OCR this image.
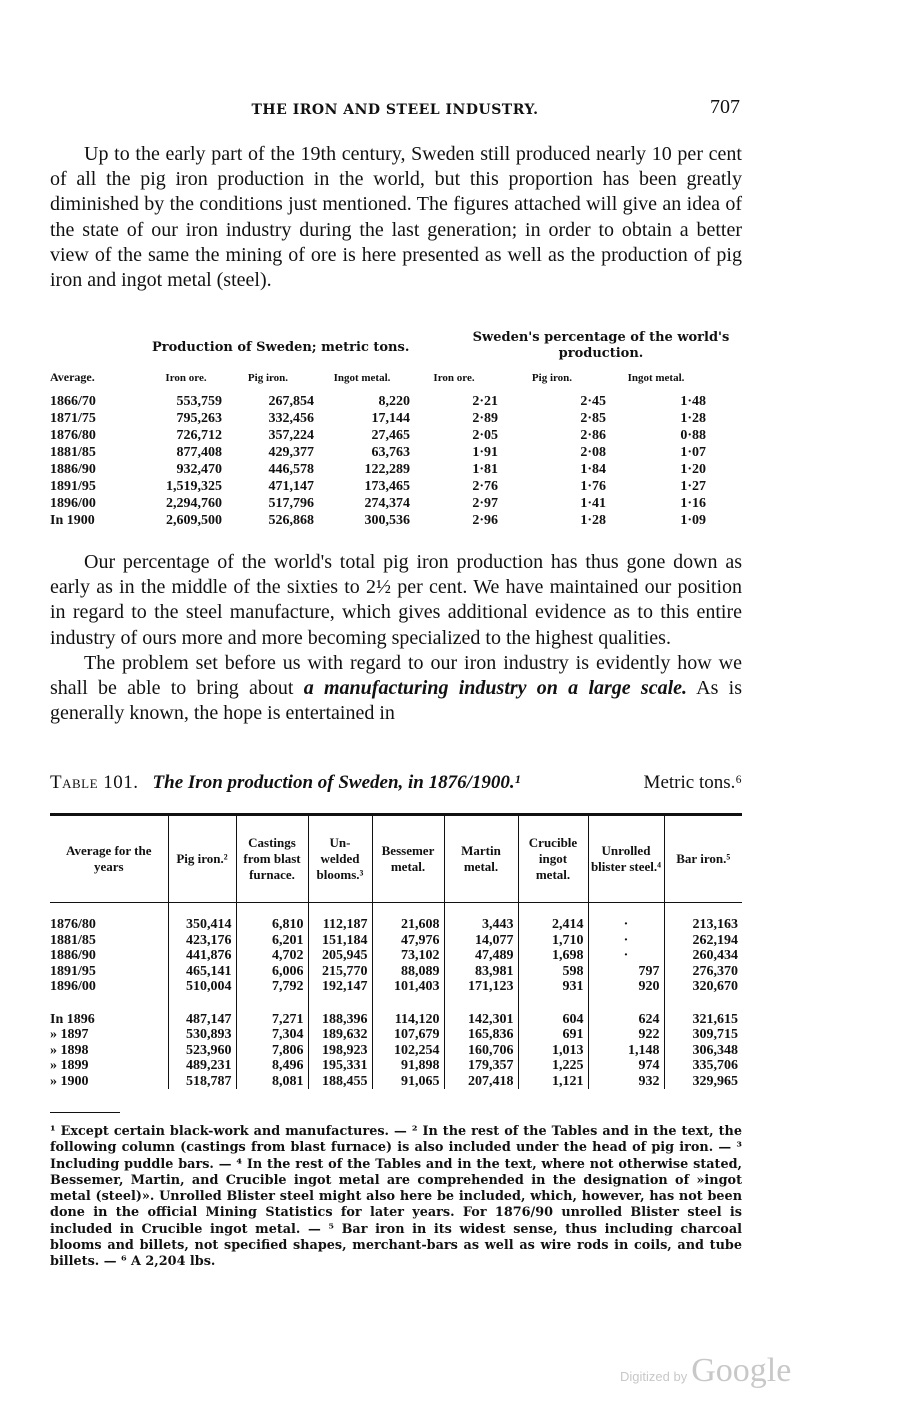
THE IRON AND STEEL INDUSTRY.	707

Up to the early part of the 19th century, Sweden still produced nearly 10 per cent of all the pig iron production in the world, but this proportion has been greatly diminished by the conditions just mentioned. The figures attached will give an idea of the state of our iron industry during the last generation; in order to obtain a better view of the same the mining of ore is here presented as well as the production of pig iron and ingot metal (steel).

Production of Sweden; metric tons.
Sweden's percentage of the world's production.
Average.	Iron ore.	Pig iron.	Ingot metal.	Iron ore.	Pig iron.	Ingot metal.
1866/70	553,759	267,854	8,220	2·21	2·45	1·48
1871/75	795,263	332,456	17,144	2·89	2·85	1·28
1876/80	726,712	357,224	27,465	2·05	2·86	0·88
1881/85	877,408	429,377	63,763	1·91	2·08	1·07
1886/90	932,470	446,578	122,289	1·81	1·84	1·20
1891/95	1,519,325	471,147	173,465	2·76	1·76	1·27
1896/00	2,294,760	517,796	274,374	2·97	1·41	1·16
In 1900	2,609,500	526,868	300,536	2·96	1·28	1·09

Our percentage of the world's total pig iron production has thus gone down as early as in the middle of the sixties to 2½ per cent. We have maintained our position in regard to the steel manufacture, which gives additional evidence as to this entire industry of ours more and more becoming specialized to the highest qualities.

The problem set before us with regard to our iron industry is evidently how we shall be able to bring about a manufacturing industry on a large scale. As is generally known, the hope is entertained in

Table 101. The Iron production of Sweden, in 1876/1900.¹	Metric tons.⁶
Average for the years	Pig iron.²	Castings from blast furnace.	Un-welded blooms.³	Bessemer metal.	Martin metal.	Crucible ingot metal.	Unrolled blister steel.⁴	Bar iron.⁵

1876/80	350,414	6,810	112,187	21,608	3,443	2,414	·	213,163
1881/85	423,176	6,201	151,184	47,976	14,077	1,710	·	262,194
1886/90	441,876	4,702	205,945	73,102	47,489	1,698	·	260,434
1891/95	465,141	6,006	215,770	88,089	83,981	598	797	276,370
1896/00	510,004	7,792	192,147	101,403	171,123	931	920	320,670

In 1896	487,147	7,271	188,396	114,120	142,301	604	624	321,615
» 1897	530,893	7,304	189,632	107,679	165,836	691	922	309,715
» 1898	523,960	7,806	198,923	102,254	160,706	1,013	1,148	306,348
» 1899	489,231	8,496	195,331	91,898	179,357	1,225	974	335,706
» 1900	518,787	8,081	188,455	91,065	207,418	1,121	932	329,965

¹ Except certain black-work and manufactures. — ² In the rest of the Tables and in the text, the following column (castings from blast furnace) is also included under the head of pig iron. — ³ Including puddle bars. — ⁴ In the rest of the Tables and in the text, where not otherwise stated, Bessemer, Martin, and Crucible ingot metal are comprehended in the designation of »ingot metal (steel)». Unrolled Blister steel might also here be included, which, however, has not been done in the official Mining Statistics for later years. For 1876/90 unrolled Blister steel is included in Crucible ingot metal. — ⁵ Bar iron in its widest sense, thus including charcoal blooms and billets, not specified shapes, merchant-bars as well as wire rods in coils, and tube billets. — ⁶ A 2,204 lbs.

Digitized by Google
